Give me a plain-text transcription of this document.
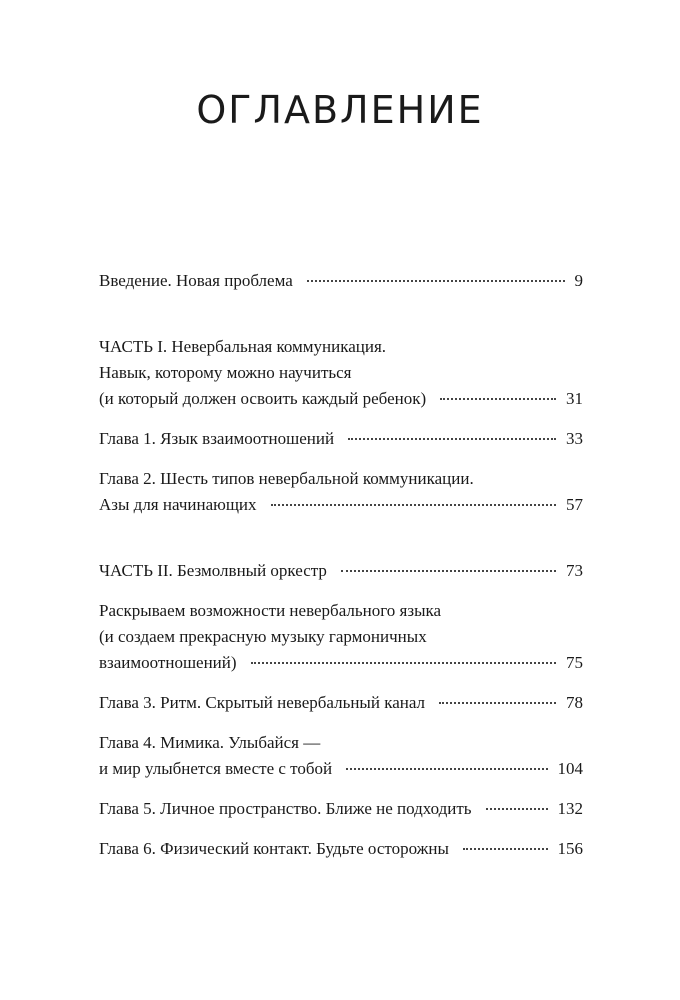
ОГЛАВЛЕНИЕ
Введение. Новая проблема	9
ЧАСТЬ I. Невербальная коммуникация.
Навык, которому можно научиться
(и который должен освоить каждый ребенок)	31
Глава 1. Язык взаимоотношений	33
Глава 2. Шесть типов невербальной коммуникации.
Азы для начинающих	57
ЧАСТЬ II. Безмолвный оркестр	73
Раскрываем возможности невербального языка
(и создаем прекрасную музыку гармоничных
взаимоотношений)	75
Глава 3. Ритм. Скрытый невербальный канал	78
Глава 4. Мимика. Улыбайся —
и мир улыбнется вместе с тобой	104
Глава 5. Личное пространство. Ближе не подходить	132
Глава 6. Физический контакт. Будьте осторожны	156
